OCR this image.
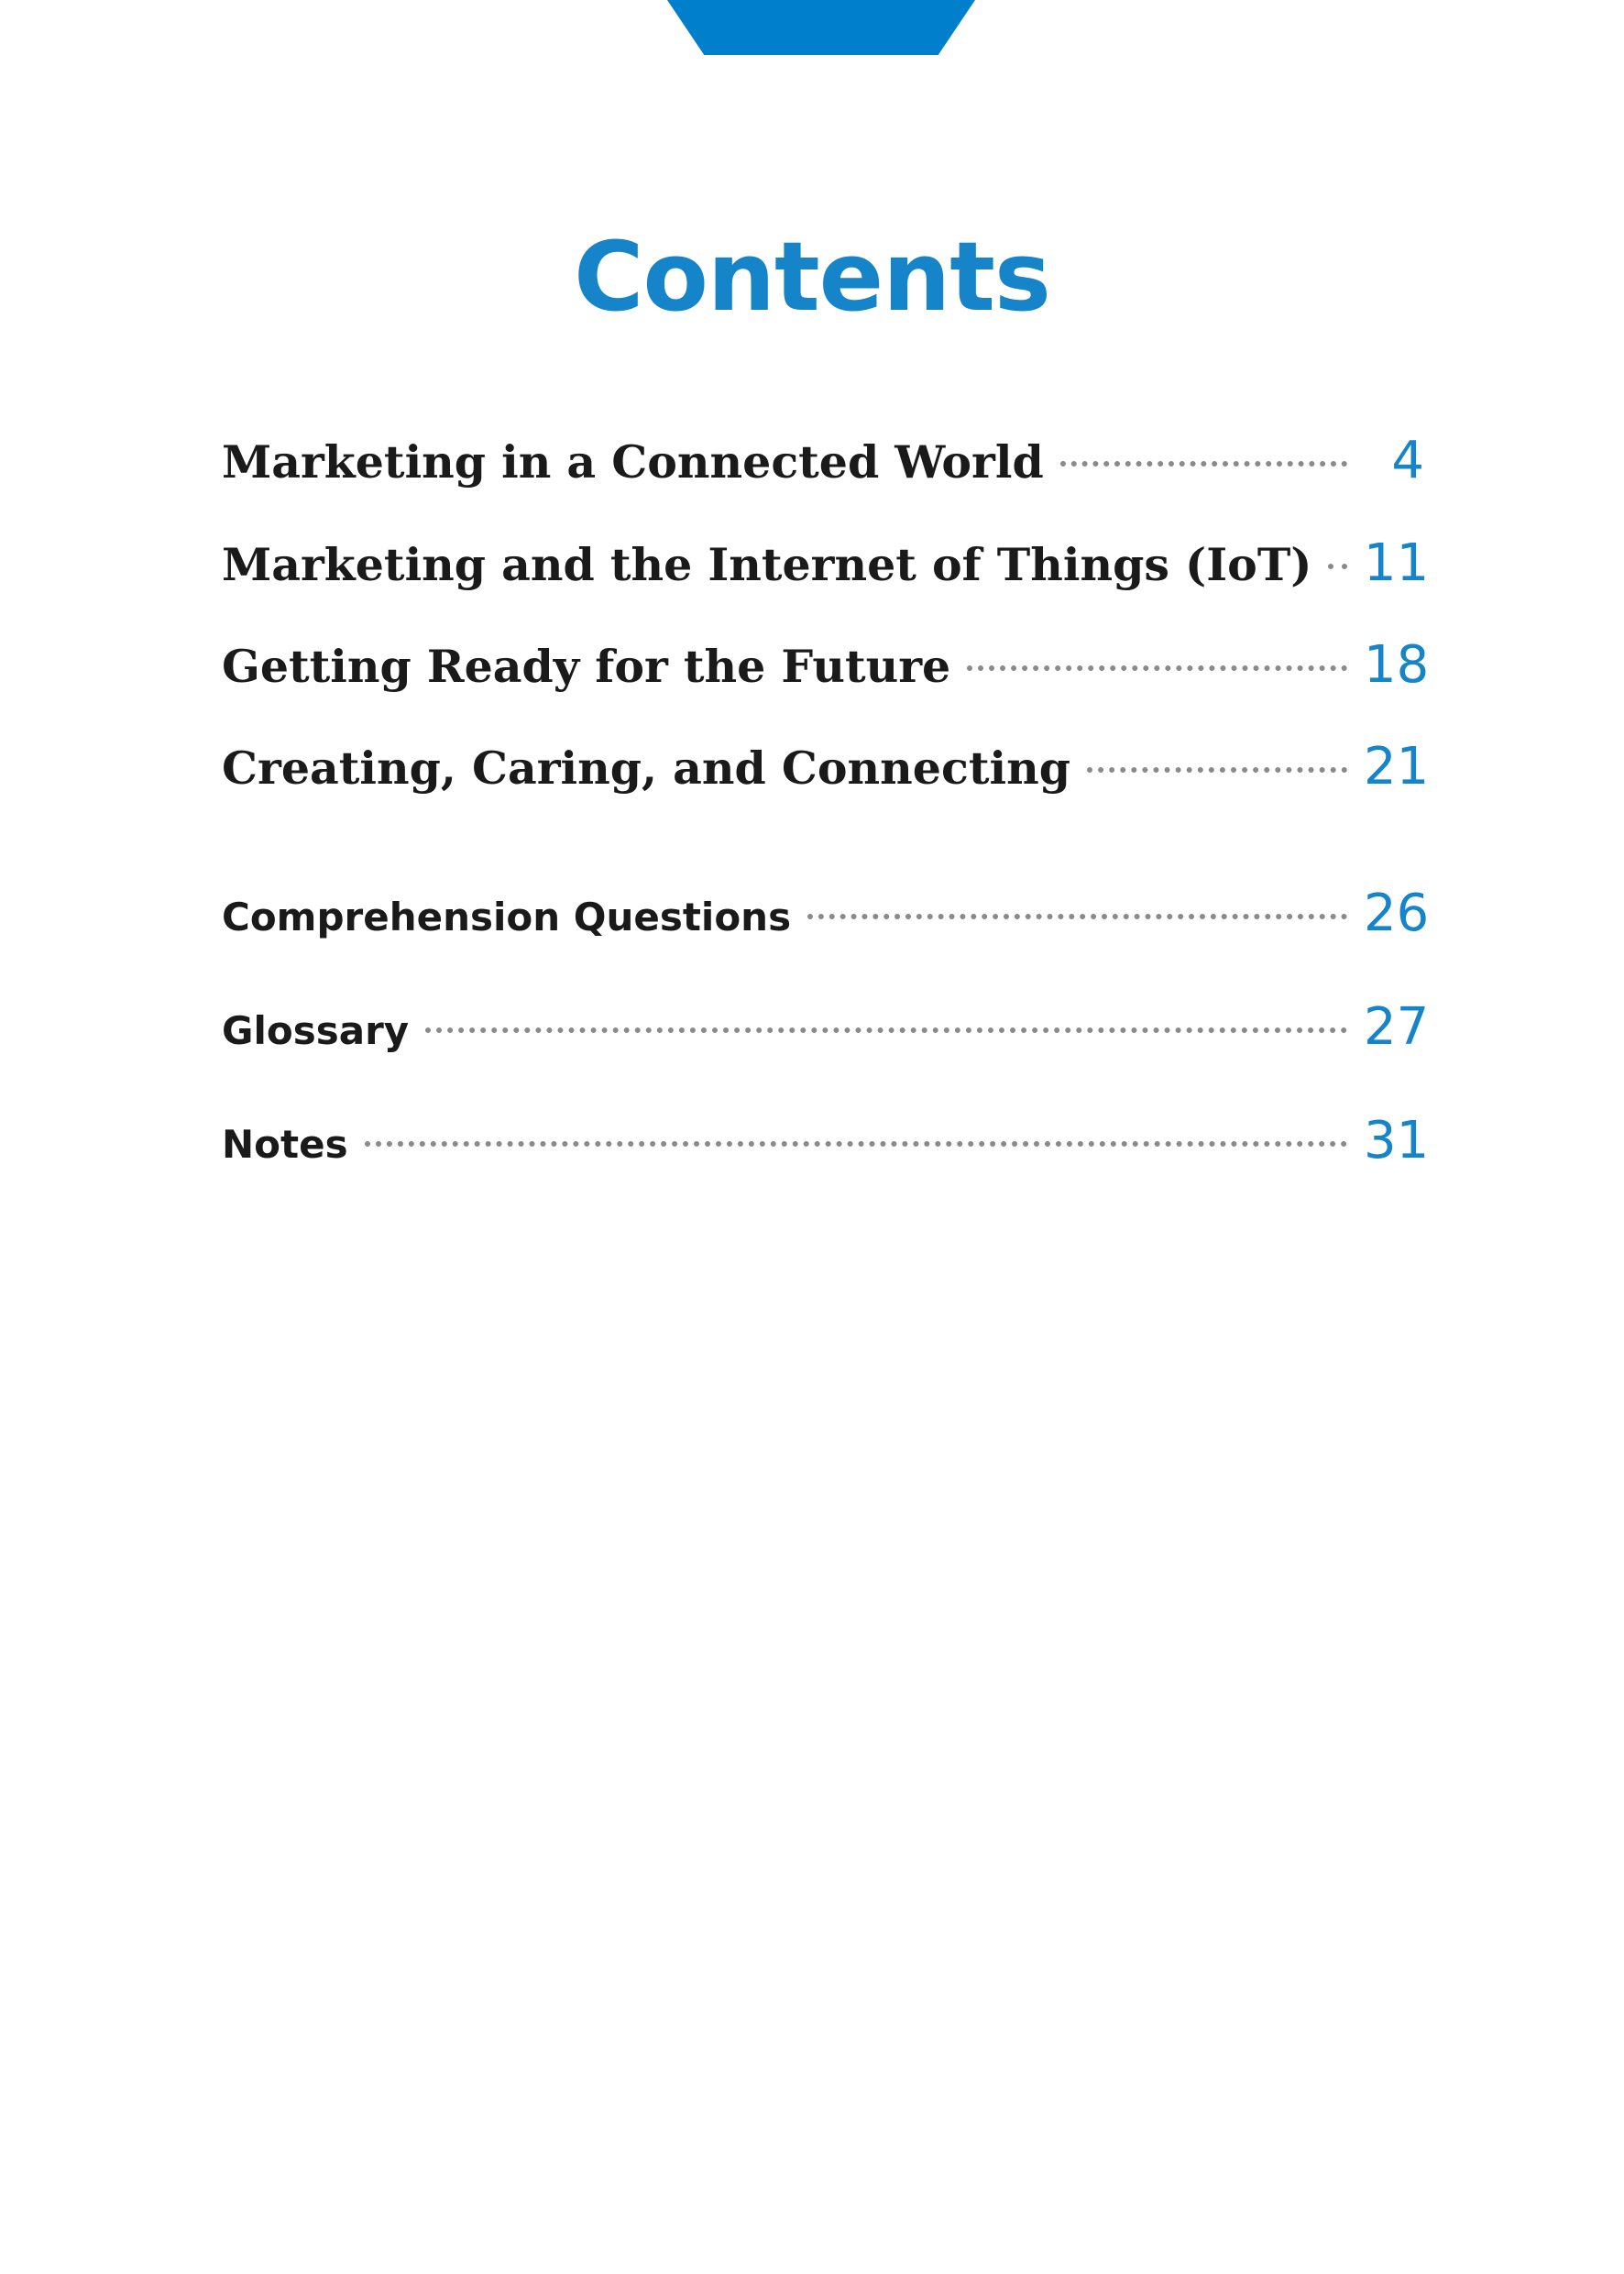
Contents
Marketing in a Connected World	4
Marketing and the Internet of Things (IoT) 11
Getting Ready for the Future	18
Creating, Caring, and Connecting	21
Comprehension Questions	26
Glossary	27
Notes	31
